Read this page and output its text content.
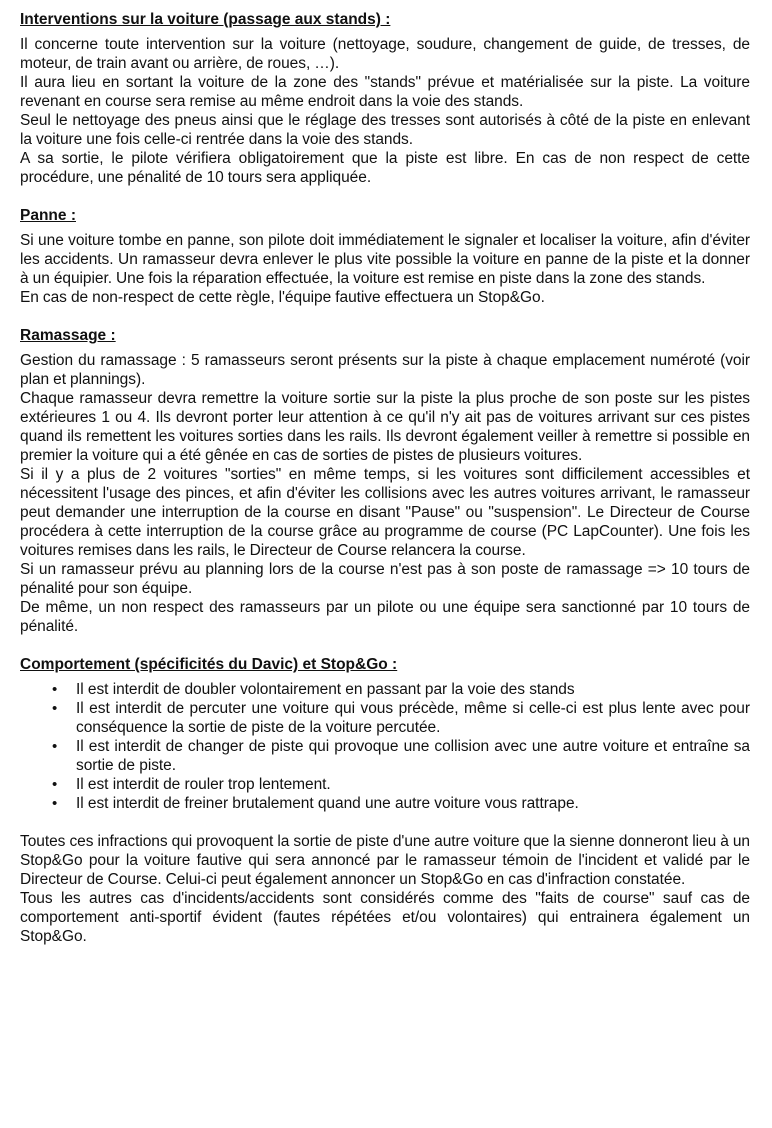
Interventions sur la voiture (passage aux stands) :

Il concerne toute intervention sur la voiture (nettoyage, soudure, changement de guide, de tresses, de moteur, de train avant ou arrière, de roues, …).

Il aura lieu en sortant la voiture de la zone des "stands" prévue et matérialisée sur la piste. La voiture revenant en course sera remise au même endroit dans la voie des stands.

Seul le nettoyage des pneus ainsi que le réglage des tresses sont autorisés à côté de la piste en enlevant la voiture une fois celle-ci rentrée dans la voie des stands.

A sa sortie, le pilote vérifiera obligatoirement que la piste est libre. En cas de non respect de cette procédure, une pénalité de 10 tours sera appliquée.

Panne :

Si une voiture tombe en panne, son pilote doit immédiatement le signaler et localiser la voiture, afin d'éviter les accidents. Un ramasseur devra enlever le plus vite possible la voiture en panne de la piste et la donner à un équipier. Une fois la réparation effectuée, la voiture est remise en piste dans la zone des stands.

En cas de non-respect de cette règle, l'équipe fautive effectuera un Stop&Go.

Ramassage :

Gestion du ramassage : 5 ramasseurs seront présents sur la piste à chaque emplacement numéroté (voir plan et plannings).

Chaque ramasseur devra remettre la voiture sortie sur la piste la plus proche de son poste sur les pistes extérieures 1 ou 4. Ils devront porter leur attention à ce qu'il n'y ait pas de voitures arrivant sur ces pistes quand ils remettent les voitures sorties dans les rails. Ils devront également veiller à remettre si possible en premier la voiture qui a été gênée en cas de sorties de pistes de plusieurs voitures.

Si il y a plus de 2 voitures "sorties" en même temps, si les voitures sont difficilement accessibles et nécessitent l'usage des pinces, et afin d'éviter les collisions avec les autres voitures arrivant, le ramasseur peut demander une interruption de la course en disant "Pause" ou "suspension". Le Directeur de Course procédera à cette interruption de la course grâce au programme de course (PC LapCounter). Une fois les voitures remises dans les rails, le Directeur de Course relancera la course.

Si un ramasseur prévu au planning lors de la course n'est pas à son poste de ramassage => 10 tours de pénalité pour son équipe.

De même, un non respect des ramasseurs par un pilote ou une équipe sera sanctionné par 10 tours de pénalité.

Comportement (spécificités du Davic) et Stop&Go :
• Il est interdit de doubler volontairement en passant par la voie des stands
• Il est interdit de percuter une voiture qui vous précède, même si celle-ci est plus lente avec pour conséquence la sortie de piste de la voiture percutée.
• Il est interdit de changer de piste qui provoque une collision avec une autre voiture et entraîne sa sortie de piste.
• Il est interdit de rouler trop lentement.
• Il est interdit de freiner brutalement quand une autre voiture vous rattrape.

Toutes ces infractions qui provoquent la sortie de piste d'une autre voiture que la sienne donneront lieu à un Stop&Go pour la voiture fautive qui sera annoncé par le ramasseur témoin de l'incident et validé par le Directeur de Course. Celui-ci peut également annoncer un Stop&Go en cas d'infraction constatée.

Tous les autres cas d'incidents/accidents sont considérés comme des "faits de course" sauf cas de comportement anti-sportif évident (fautes répétées et/ou volontaires) qui entrainera également un Stop&Go.
